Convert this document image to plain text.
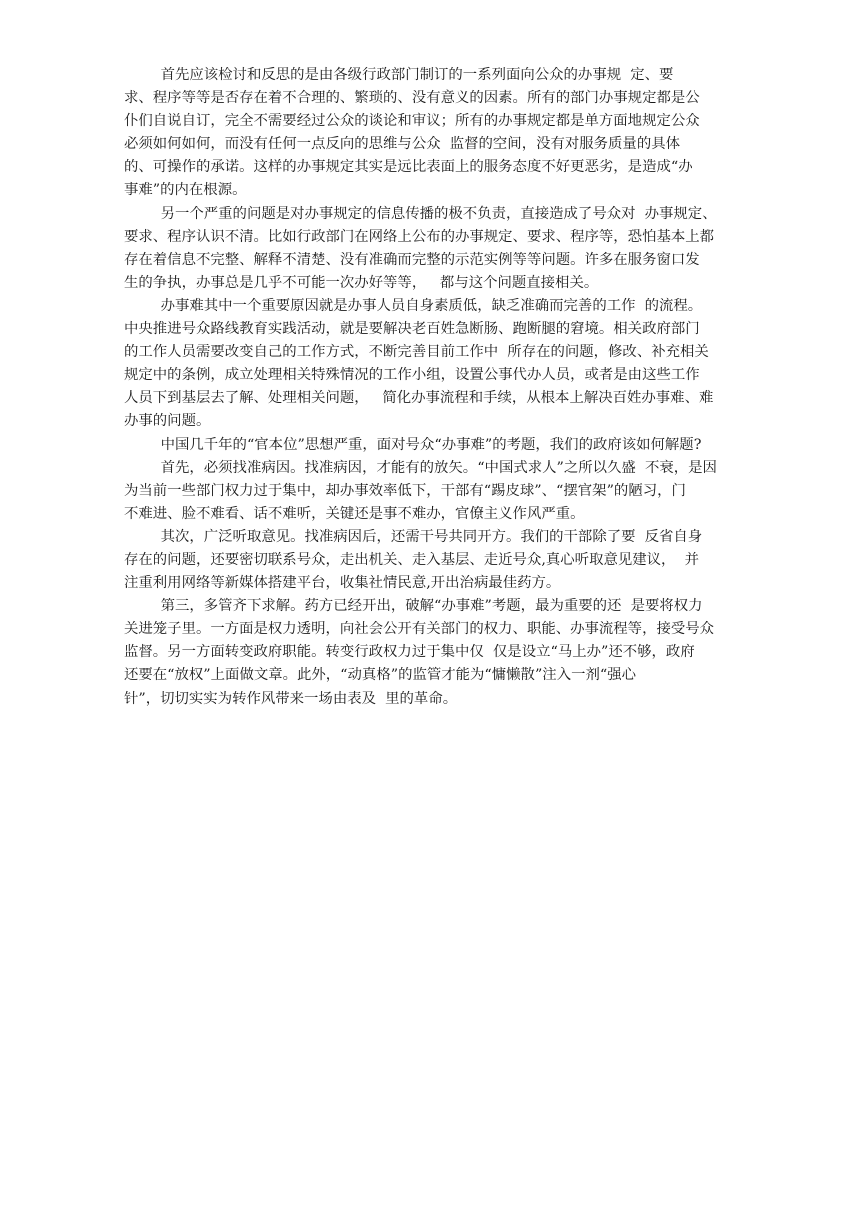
首先应该检讨和反思的是由各级行政部门制订的一系列面向公众的办事规  定、要
求、程序等等是否存在着不合理的、繁琐的、没有意义的因素。所有的部门办事规定都是公
仆们自说自订，完全不需要经过公众的谈论和审议；所有的办事规定都是单方面地规定公众
必须如何如何，而没有任何一点反向的思维与公众  监督的空间，没有对服务质量的具体
的、可操作的承诺。这样的办事规定其实是远比表面上的服务态度不好更恶劣，是造成“办
事难”的内在根源。
另一个严重的问题是对办事规定的信息传播的极不负责，直接造成了号众对  办事规定、
要求、程序认识不清。比如行政部门在网络上公布的办事规定、要求、程序等，恐怕基本上都
存在着信息不完整、解释不清楚、没有准确而完整的示范实例等等问题。许多在服务窗口发
生的争执，办事总是几乎不可能一次办好等等，   都与这个问题直接相关。
办事难其中一个重要原因就是办事人员自身素质低，缺乏准确而完善的工作  的流程。
中央推进号众路线教育实践活动，就是要解决老百姓急断肠、跑断腿的窘境。相关政府部门
的工作人员需要改变自己的工作方式，不断完善目前工作中  所存在的问题，修改、补充相关
规定中的条例，成立处理相关特殊情况的工作小组，设置公事代办人员，或者是由这些工作
人员下到基层去了解、处理相关问题，   简化办事流程和手续，从根本上解决百姓办事难、难
办事的问题。
中国几千年的“官本位”思想严重，面对号众“办事难”的考题，我们的政府该如何解题?
首先，必须找准病因。找准病因，才能有的放矢。“中国式求人”之所以久盛  不衰，是因
为当前一些部门权力过于集中，却办事效率低下，干部有“踢皮球”、“摆官架”的陋习，门
不难进、脸不难看、话不难听，关键还是事不难办，官僚主义作风严重。
其次，广泛听取意见。找准病因后，还需干号共同开方。我们的干部除了要  反省自身
存在的问题，还要密切联系号众，走出机关、走入基层、走近号众,真心听取意见建议，  并
注重利用网络等新媒体搭建平台，收集社情民意,开出治病最佳药方。
第三，多管齐下求解。药方已经开出，破解“办事难”考题，最为重要的还  是要将权力
关进笼子里。一方面是权力透明，向社会公开有关部门的权力、职能、办事流程等，接受号众
监督。另一方面转变政府职能。转变行政权力过于集中仅  仅是设立“马上办”还不够，政府
还要在“放权”上面做文章。此外，“动真格”的监管才能为“慵懒散”注入一剂“强心
针”，切切实实为转作风带来一场由表及  里的革命。
